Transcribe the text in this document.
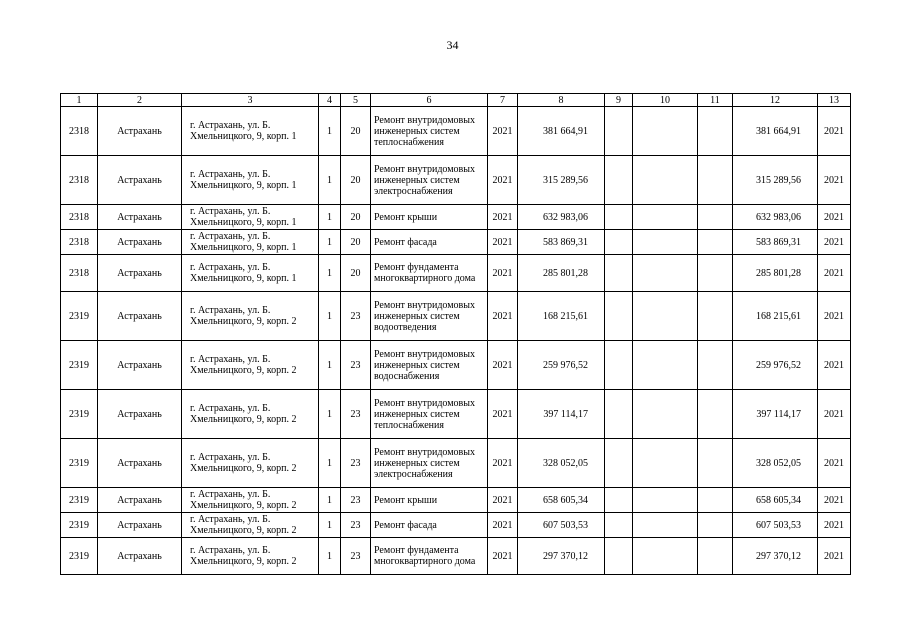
34
1	2	3	4	5	6	7	8	9	10	11	12	13
2318	Астрахань	г. Астрахань, ул. Б. Хмельницкого, 9, корп. 1	1	20	Ремонт внутридомовых инженерных систем теплоснабжения	2021	381 664,91				381 664,91	2021
2318	Астрахань	г. Астрахань, ул. Б. Хмельницкого, 9, корп. 1	1	20	Ремонт внутридомовых инженерных систем электроснабжения	2021	315 289,56				315 289,56	2021
2318	Астрахань	г. Астрахань, ул. Б. Хмельницкого, 9, корп. 1	1	20	Ремонт крыши	2021	632 983,06				632 983,06	2021
2318	Астрахань	г. Астрахань, ул. Б. Хмельницкого, 9, корп. 1	1	20	Ремонт фасада	2021	583 869,31				583 869,31	2021
2318	Астрахань	г. Астрахань, ул. Б. Хмельницкого, 9, корп. 1	1	20	Ремонт фундамента многоквартирного дома	2021	285 801,28				285 801,28	2021
2319	Астрахань	г. Астрахань, ул. Б. Хмельницкого, 9, корп. 2	1	23	Ремонт внутридомовых инженерных систем водоотведения	2021	168 215,61				168 215,61	2021
2319	Астрахань	г. Астрахань, ул. Б. Хмельницкого, 9, корп. 2	1	23	Ремонт внутридомовых инженерных систем водоснабжения	2021	259 976,52				259 976,52	2021
2319	Астрахань	г. Астрахань, ул. Б. Хмельницкого, 9, корп. 2	1	23	Ремонт внутридомовых инженерных систем теплоснабжения	2021	397 114,17				397 114,17	2021
2319	Астрахань	г. Астрахань, ул. Б. Хмельницкого, 9, корп. 2	1	23	Ремонт внутридомовых инженерных систем электроснабжения	2021	328 052,05				328 052,05	2021
2319	Астрахань	г. Астрахань, ул. Б. Хмельницкого, 9, корп. 2	1	23	Ремонт крыши	2021	658 605,34				658 605,34	2021
2319	Астрахань	г. Астрахань, ул. Б. Хмельницкого, 9, корп. 2	1	23	Ремонт фасада	2021	607 503,53				607 503,53	2021
2319	Астрахань	г. Астрахань, ул. Б. Хмельницкого, 9, корп. 2	1	23	Ремонт фундамента многоквартирного дома	2021	297 370,12				297 370,12	2021
